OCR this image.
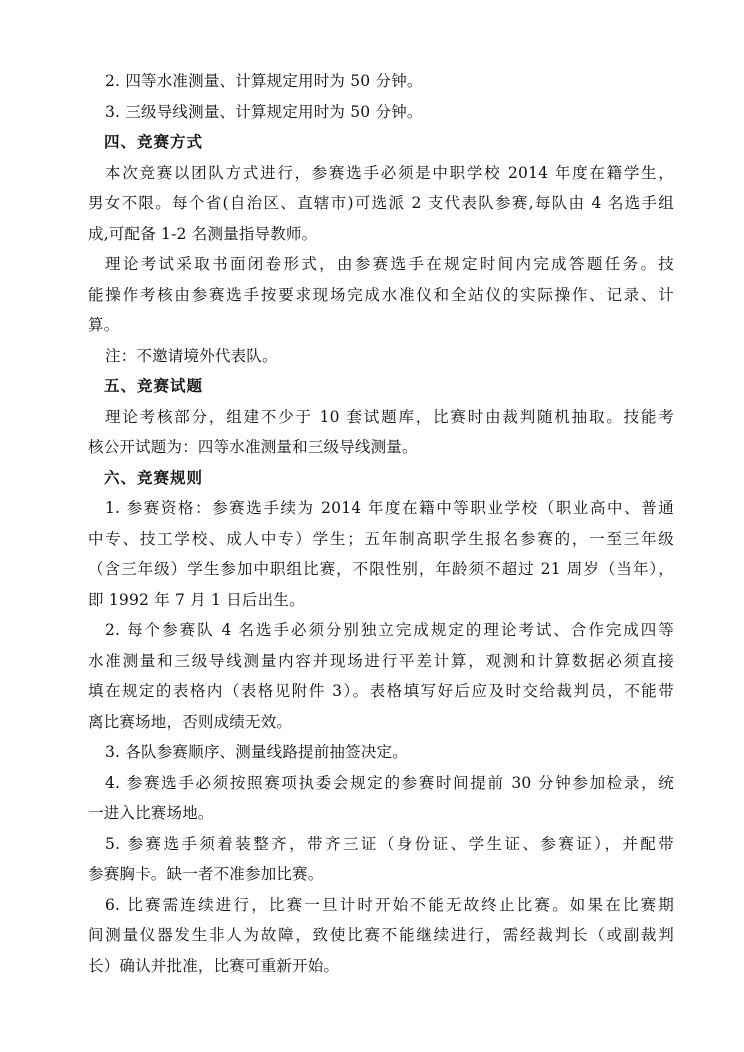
2. 四等水准测量、计算规定用时为 50 分钟。

3. 三级导线测量、计算规定用时为 50 分钟。

四、竞赛方式

本次竞赛以团队方式进行，参赛选手必须是中职学校 2014 年度在籍学生，

男女不限。每个省(自治区、直辖市)可选派 2 支代表队参赛,每队由 4 名选手组

成,可配备 1-2 名测量指导教师。

理论考试采取书面闭卷形式，由参赛选手在规定时间内完成答题任务。技

能操作考核由参赛选手按要求现场完成水准仪和全站仪的实际操作、记录、计

算。

注：不邀请境外代表队。

五、竞赛试题

理论考核部分，组建不少于 10 套试题库，比赛时由裁判随机抽取。技能考

核公开试题为：四等水准测量和三级导线测量。

六、竞赛规则

1. 参赛资格：参赛选手续为 2014 年度在籍中等职业学校（职业高中、普通

中专、技工学校、成人中专）学生；五年制高职学生报名参赛的，一至三年级

（含三年级）学生参加中职组比赛，不限性别，年龄须不超过 21 周岁（当年），

即 1992 年 7 月 1 日后出生。

2. 每个参赛队 4 名选手必须分别独立完成规定的理论考试、合作完成四等

水准测量和三级导线测量内容并现场进行平差计算，观测和计算数据必须直接

填在规定的表格内（表格见附件 3）。表格填写好后应及时交给裁判员，不能带

离比赛场地，否则成绩无效。

3. 各队参赛顺序、测量线路提前抽签决定。

4. 参赛选手必须按照赛项执委会规定的参赛时间提前 30 分钟参加检录，统

一进入比赛场地。

5. 参赛选手须着装整齐，带齐三证（身份证、学生证、参赛证），并配带

参赛胸卡。缺一者不准参加比赛。

6. 比赛需连续进行，比赛一旦计时开始不能无故终止比赛。如果在比赛期

间测量仪器发生非人为故障，致使比赛不能继续进行，需经裁判长（或副裁判

长）确认并批准，比赛可重新开始。
